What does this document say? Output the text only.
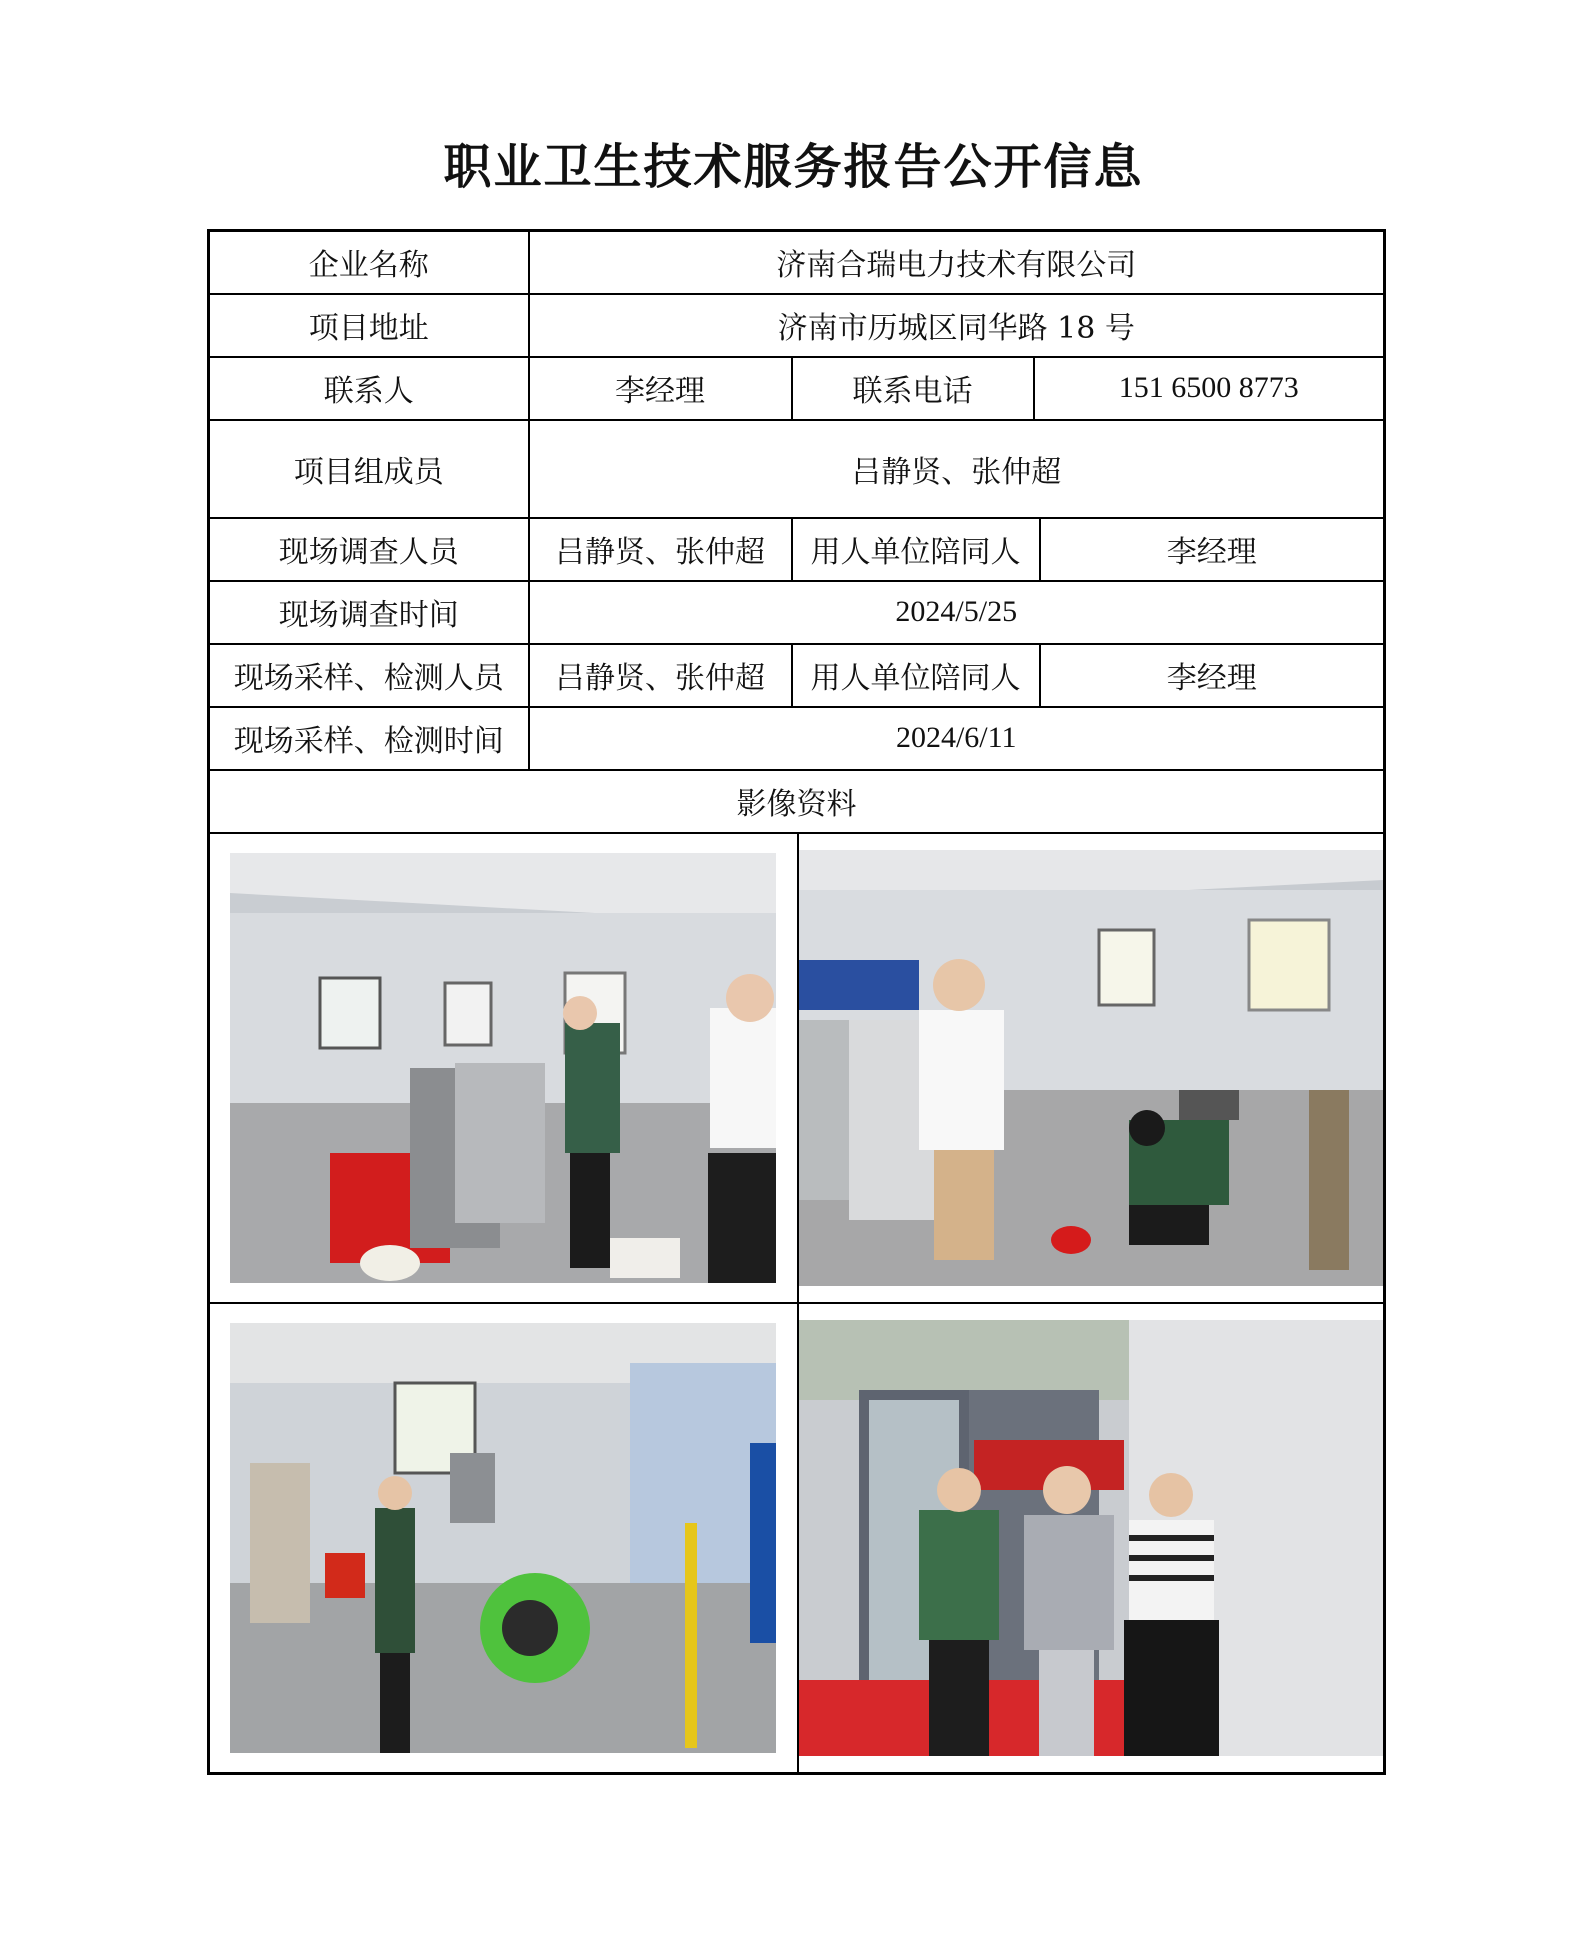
职业卫生技术服务报告公开信息
企业名称	济南合瑞电力技术有限公司				
项目地址	济南市历城区同华路 18 号				
联系人	李经理	联系电话		151 6500 8773	
项目组成员	吕静贤、张仲超				
现场调查人员	吕静贤、张仲超	用人单位陪同人			李经理
现场调查时间	2024/5/25				
现场采样、检测人员	吕静贤、张仲超	用人单位陪同人			李经理
现场采样、检测时间	2024/6/11				
影像资料					
